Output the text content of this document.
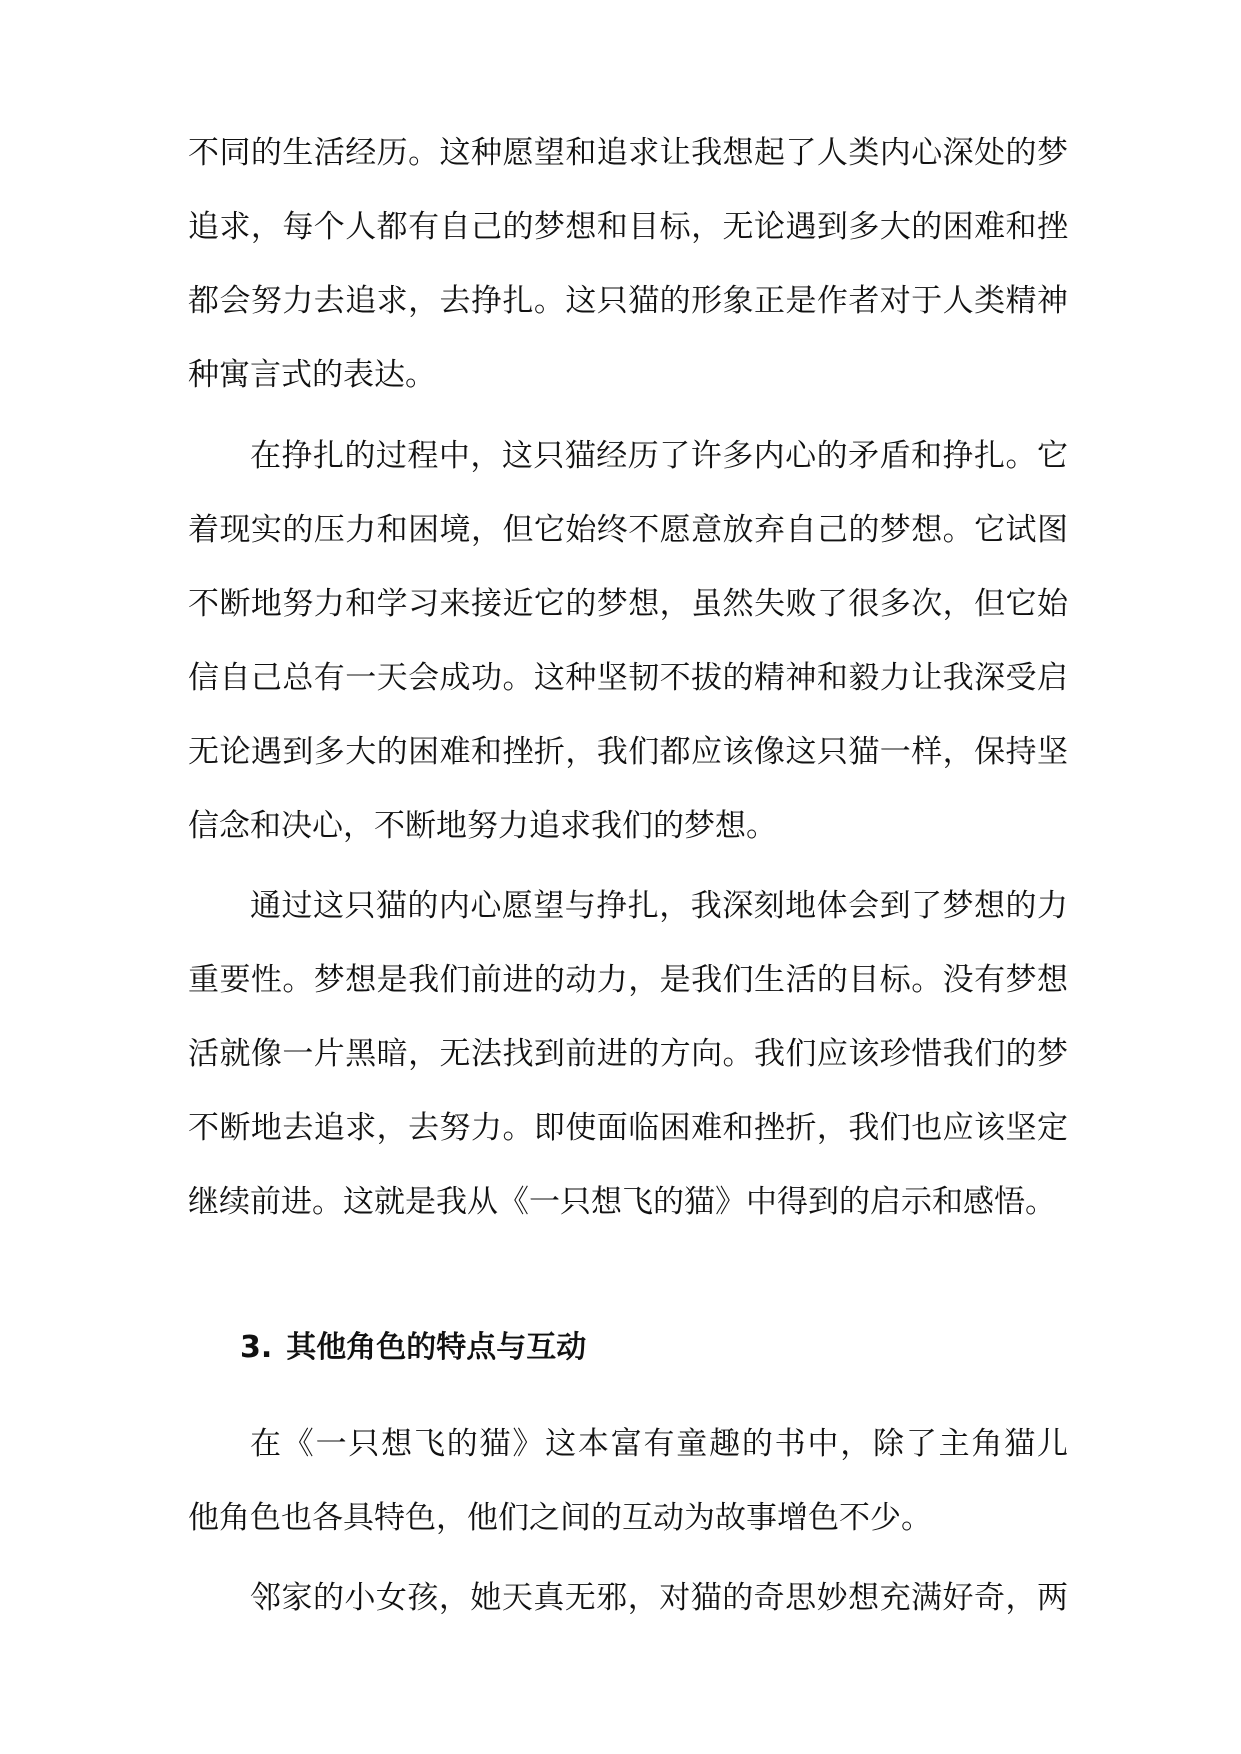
不同的生活经历。这种愿望和追求让我想起了人类内心深处的梦
追求，每个人都有自己的梦想和目标，无论遇到多大的困难和挫
都会努力去追求，去挣扎。这只猫的形象正是作者对于人类精神
种寓言式的表达。
在挣扎的过程中，这只猫经历了许多内心的矛盾和挣扎。它
着现实的压力和困境，但它始终不愿意放弃自己的梦想。它试图
不断地努力和学习来接近它的梦想，虽然失败了很多次，但它始
信自己总有一天会成功。这种坚韧不拔的精神和毅力让我深受启
无论遇到多大的困难和挫折，我们都应该像这只猫一样，保持坚
信念和决心，不断地努力追求我们的梦想。
通过这只猫的内心愿望与挣扎，我深刻地体会到了梦想的力
重要性。梦想是我们前进的动力，是我们生活的目标。没有梦想
活就像一片黑暗，无法找到前进的方向。我们应该珍惜我们的梦
不断地去追求，去努力。即使面临困难和挫折，我们也应该坚定
继续前进。这就是我从《一只想飞的猫》中得到的启示和感悟。
3. 其他角色的特点与互动
在《一只想飞的猫》这本富有童趣的书中，除了主角猫儿
他角色也各具特色，他们之间的互动为故事增色不少。
邻家的小女孩，她天真无邪，对猫的奇思妙想充满好奇，两
